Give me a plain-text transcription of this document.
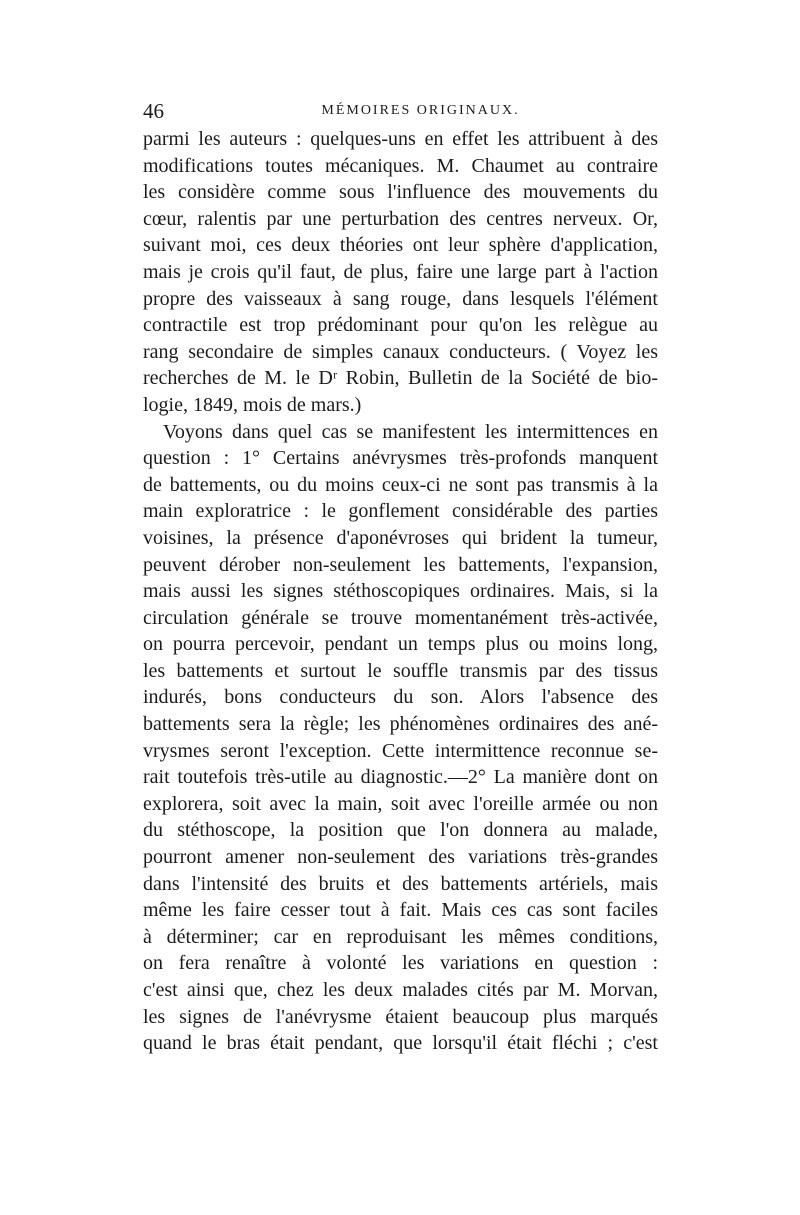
46	MÉMOIRES ORIGINAUX.
parmi les auteurs : quelques-uns en effet les attribuent à des
modifications toutes mécaniques. M. Chaumet au contraire
les considère comme sous l'influence des mouvements du
cœur, ralentis par une perturbation des centres nerveux. Or,
suivant moi, ces deux théories ont leur sphère d'application,
mais je crois qu'il faut, de plus, faire une large part à l'action
propre des vaisseaux à sang rouge, dans lesquels l'élément
contractile est trop prédominant pour qu'on les relègue au
rang secondaire de simples canaux conducteurs. ( Voyez les
recherches de M. le Dʳ Robin, Bulletin de la Société de bio-
logie, 1849, mois de mars.)
Voyons dans quel cas se manifestent les intermittences en
question : 1° Certains anévrysmes très-profonds manquent
de battements, ou du moins ceux-ci ne sont pas transmis à la
main exploratrice : le gonflement considérable des parties
voisines, la présence d'aponévroses qui brident la tumeur,
peuvent dérober non-seulement les battements, l'expansion,
mais aussi les signes stéthoscopiques ordinaires. Mais, si la
circulation générale se trouve momentanément très-activée,
on pourra percevoir, pendant un temps plus ou moins long,
les battements et surtout le souffle transmis par des tissus
indurés, bons conducteurs du son. Alors l'absence des
battements sera la règle; les phénomènes ordinaires des ané-
vrysmes seront l'exception. Cette intermittence reconnue se-
rait toutefois très-utile au diagnostic.—2° La manière dont on
explorera, soit avec la main, soit avec l'oreille armée ou non
du stéthoscope, la position que l'on donnera au malade,
pourront amener non-seulement des variations très-grandes
dans l'intensité des bruits et des battements artériels, mais
même les faire cesser tout à fait. Mais ces cas sont faciles
à déterminer; car en reproduisant les mêmes conditions,
on fera renaître à volonté les variations en question :
c'est ainsi que, chez les deux malades cités par M. Morvan,
les signes de l'anévrysme étaient beaucoup plus marqués
quand le bras était pendant, que lorsqu'il était fléchi ; c'est
